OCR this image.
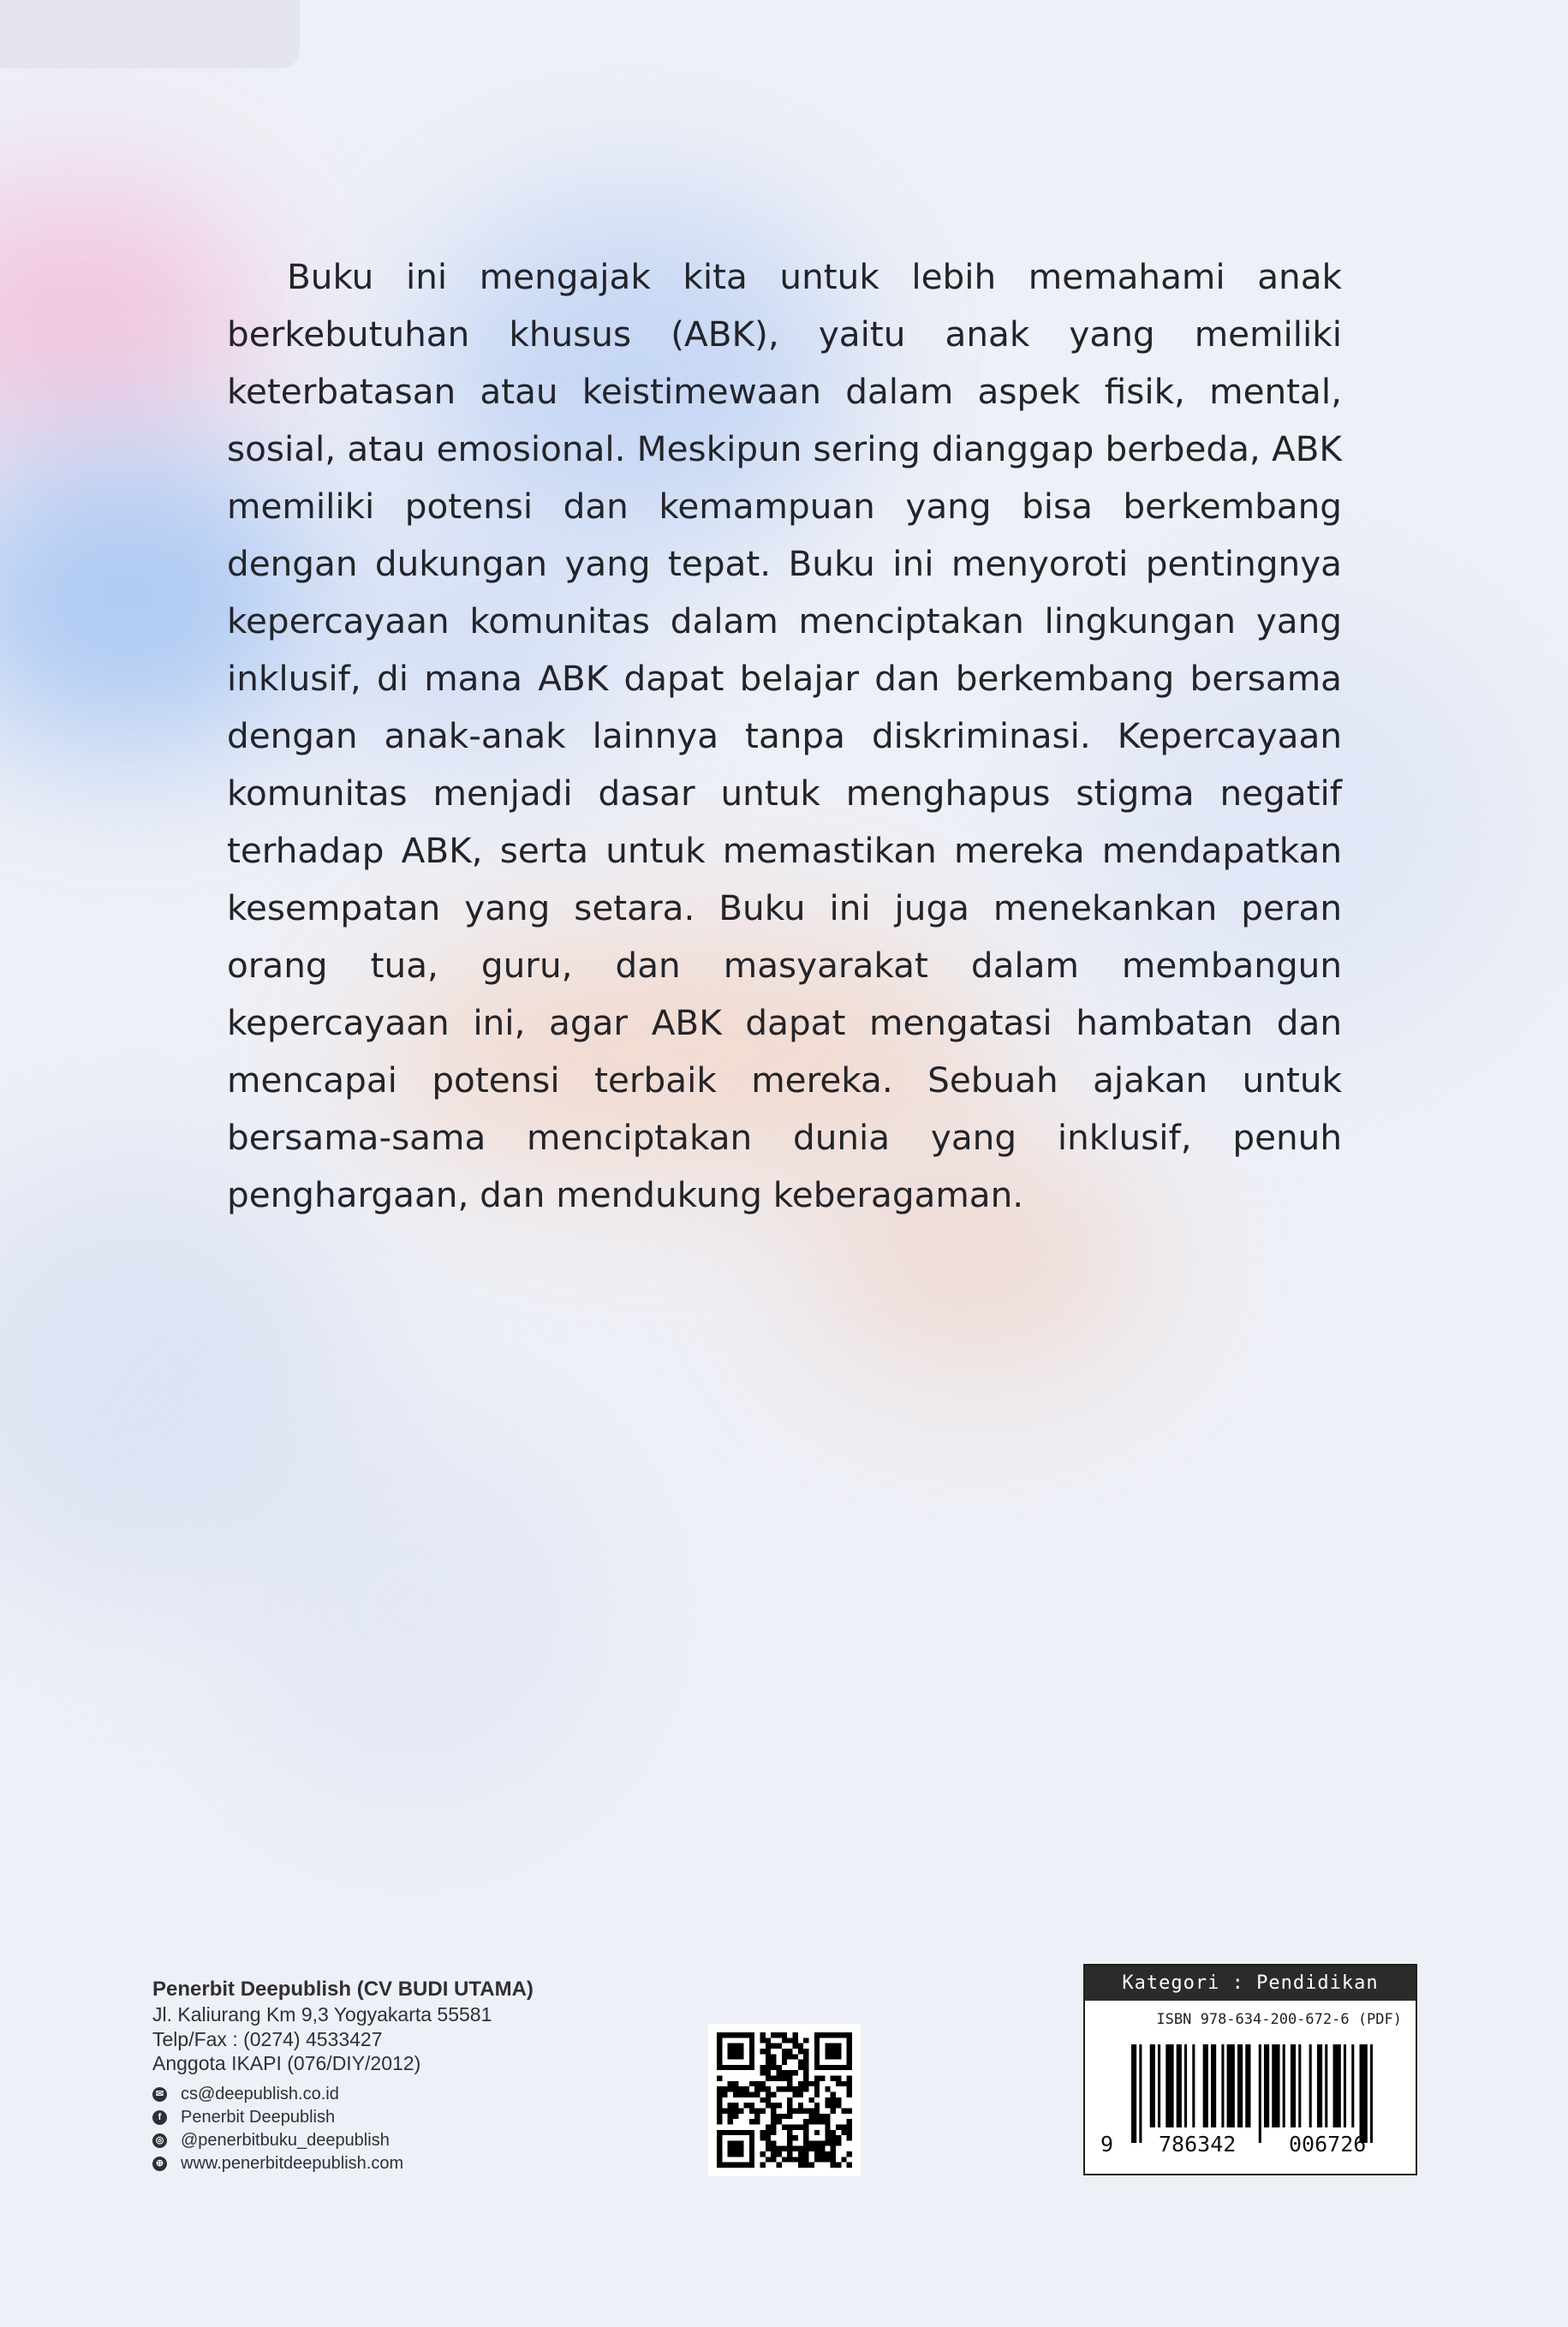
Buku ini mengajak kita untuk lebih memahami anak berkebutuhan khusus (ABK), yaitu anak yang memiliki keterbatasan atau keistimewaan dalam aspek fisik, mental, sosial, atau emosional. Meskipun sering dianggap berbeda, ABK memiliki potensi dan kemampuan yang bisa berkembang dengan dukungan yang tepat. Buku ini menyoroti pentingnya kepercayaan komunitas dalam menciptakan lingkungan yang inklusif, di mana ABK dapat belajar dan berkembang bersama dengan anak-anak lainnya tanpa diskriminasi. Kepercayaan komunitas menjadi dasar untuk menghapus stigma negatif terhadap ABK, serta untuk memastikan mereka mendapatkan kesempatan yang setara. Buku ini juga menekankan peran orang tua, guru, dan masyarakat dalam membangun kepercayaan ini, agar ABK dapat mengatasi hambatan dan mencapai potensi terbaik mereka. Sebuah ajakan untuk bersama-sama menciptakan dunia yang inklusif, penuh penghargaan, dan mendukung keberagaman.

Penerbit Deepublish (CV BUDI UTAMA)
Jl. Kaliurang Km 9,3 Yogyakarta 55581
Telp/Fax : (0274) 4533427
Anggota IKAPI (076/DIY/2012)
✉ cs@deepublish.co.id
f	Penerbit Deepublish
◎ @penerbitbuku_deepublish
⊕ www.penerbitdeepublish.com
Kategori : Pendidikan
ISBN 978-634-200-672-6 (PDF)
9 786342 006726
